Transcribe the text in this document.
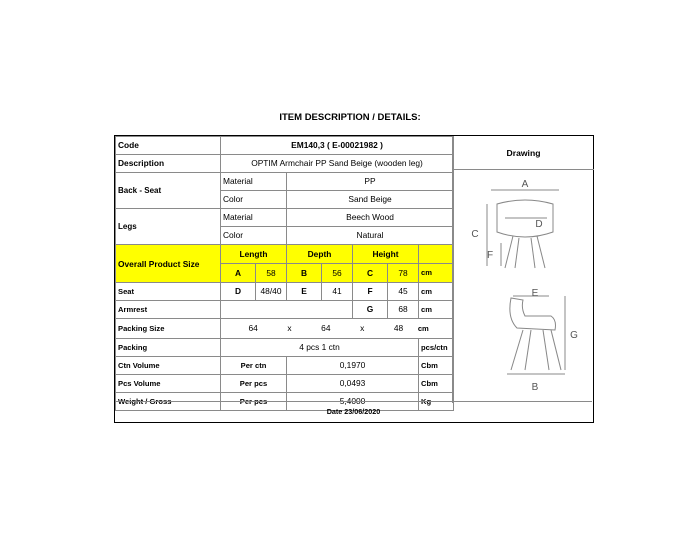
ITEM DESCRIPTION / DETAILS:
Code	EM140,3 ( E-00021982 )						
Description	OPTIM Armchair PP Sand Beige (wooden leg)						
Back - Seat	Material		PP				
	Color		Sand Beige				
Legs	Material		Beech Wood				
	Color		Natural				
Overall Product Size	Length		Depth		Height		
	A	58	B	56	C	78	cm
Seat	D	48/40	E	41	F	45	cm
Armrest					G	68	cm
Packing Size	64 x 64 x 48 cm						
Packing	4 pcs 1 ctn						pcs/ctn
Ctn Volume	Per ctn		0,1970				Cbm
Pcs Volume	Per pcs		0,0493				Cbm
Weight / Gross	Per pcs		5,4000				Kg
Drawing
A
C
D
F
E
G
B
Date 23/06/2020
